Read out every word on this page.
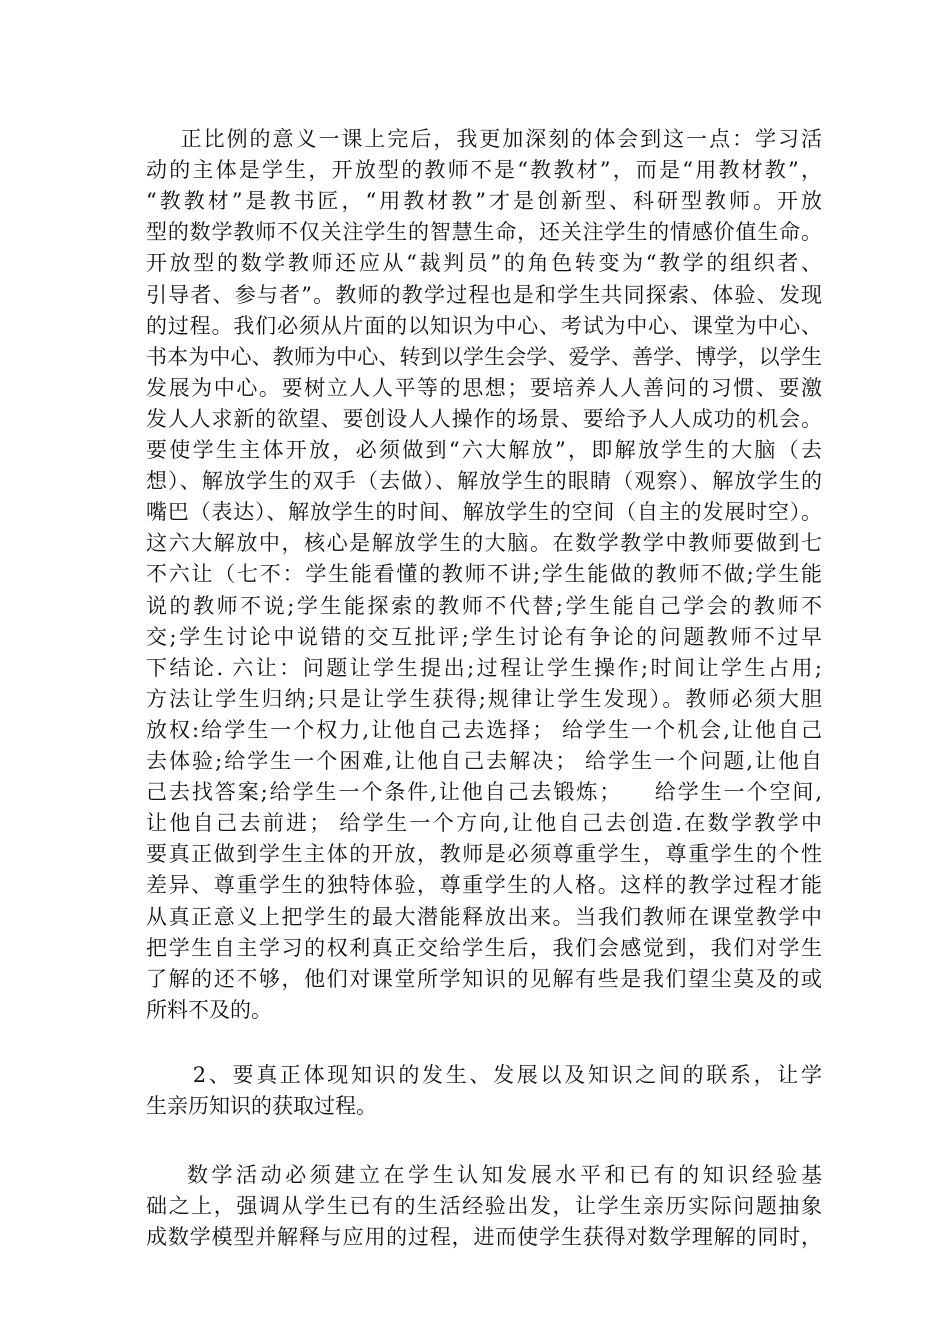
正比例的意义一课上完后，我更加深刻的体会到这一点：学习活
动的主体是学生，开放型的教师不是“教教材”，而是“用教材教”，
“教教材”是教书匠，“用教材教”才是创新型、科研型教师。开放
型的数学教师不仅关注学生的智慧生命，还关注学生的情感价值生命。
开放型的数学教师还应从“裁判员”的角色转变为“教学的组织者、
引导者、参与者”。教师的教学过程也是和学生共同探索、体验、发现
的过程。我们必须从片面的以知识为中心、考试为中心、课堂为中心、
书本为中心、教师为中心、转到以学生会学、爱学、善学、博学，以学生
发展为中心。要树立人人平等的思想；要培养人人善问的习惯、要激
发人人求新的欲望、要创设人人操作的场景、要给予人人成功的机会。
要使学生主体开放，必须做到“六大解放”，即解放学生的大脑（去
想）、解放学生的双手（去做）、解放学生的眼睛（观察）、解放学生的
嘴巴（表达）、解放学生的时间、解放学生的空间（自主的发展时空）。
这六大解放中，核心是解放学生的大脑。在数学教学中教师要做到七
不六让（七不：学生能看懂的教师不讲;学生能做的教师不做;学生能
说的教师不说;学生能探索的教师不代替;学生能自己学会的教师不
交;学生讨论中说错的交互批评;学生讨论有争论的问题教师不过早
下结论. 六让：问题让学生提出;过程让学生操作;时间让学生占用;
方法让学生归纳;只是让学生获得;规律让学生发现）。教师必须大胆
放权:给学生一个权力,让他自己去选择； 给学生一个机会,让他自己
去体验;给学生一个困难,让他自己去解决； 给学生一个问题,让他自
己去找答案;给学生一个条件,让他自己去锻炼；    给学生一个空间,
让他自己去前进； 给学生一个方向,让他自己去创造.在数学教学中
要真正做到学生主体的开放，教师是必须尊重学生，尊重学生的个性
差异、尊重学生的独特体验，尊重学生的人格。这样的教学过程才能
从真正意义上把学生的最大潜能释放出来。当我们教师在课堂教学中
把学生自主学习的权利真正交给学生后，我们会感觉到，我们对学生
了解的还不够，他们对课堂所学知识的见解有些是我们望尘莫及的或
所料不及的。
2、要真正体现知识的发生、发展以及知识之间的联系，让学
生亲历知识的获取过程。
数学活动必须建立在学生认知发展水平和已有的知识经验基
础之上，强调从学生已有的生活经验出发，让学生亲历实际问题抽象
成数学模型并解释与应用的过程，进而使学生获得对数学理解的同时，
